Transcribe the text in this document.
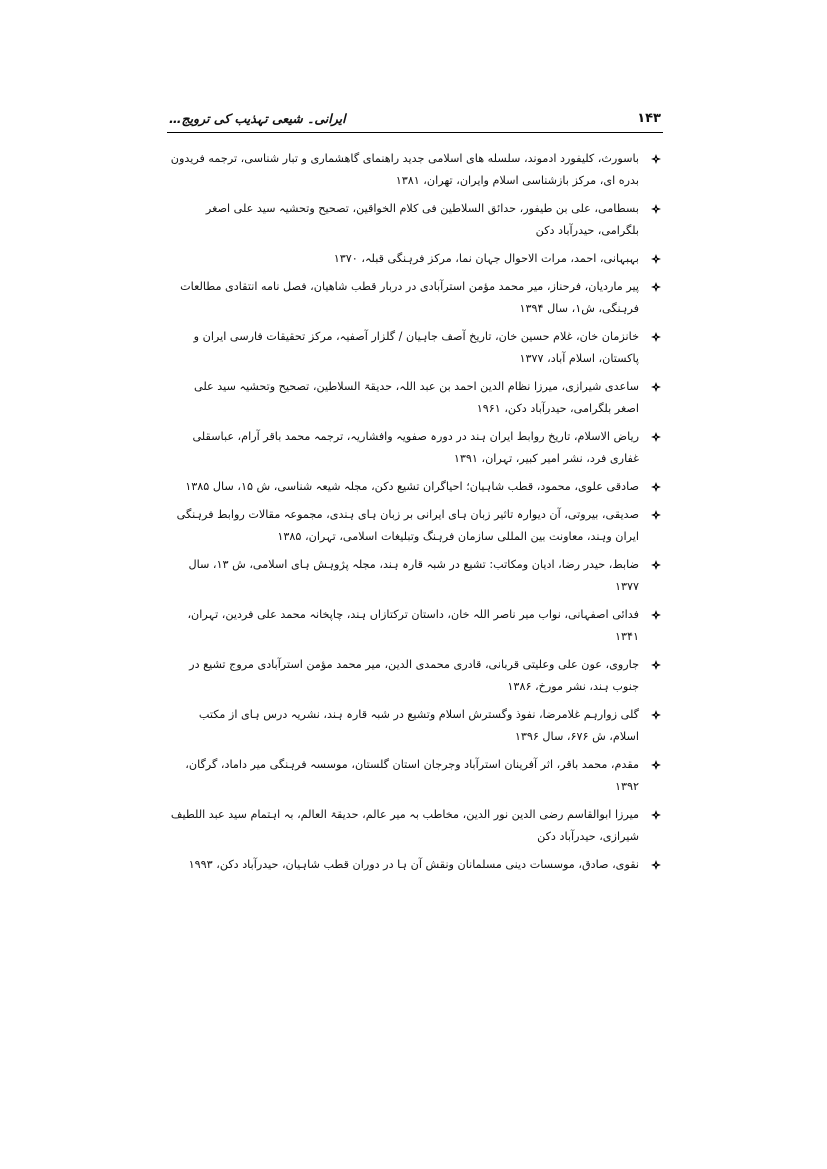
۱۴۳
ایرانی۔ شیعی تہذیب کی ترویج…
باسورث، کلیفورد ادموند، سلسله های اسلامی جدید راهنمای گاهشماری و تبار شناسی، ترجمه فریدون بدره ای، مرکز بازشناسی اسلام وایران، تهران، ۱۳۸۱
بسطامی، علی بن طیفور، حدائق السلاطین فی کلام الخواقین، تصحیح وتحشیہ سید علی اصغر بلگرامی، حیدرآباد دکن
بہبہانی، احمد، مرات الاحوال جہان نما، مرکز فرہنگی قبلہ، ۱۳۷۰
پیر ماردیان، فرحناز، میر محمد مؤمن استرآبادی در دربار قطب شاهیان، فصل نامه انتقادی مطالعات فرہنگی، ش۱، سال ۱۳۹۴
خانزمان خان، غلام حسین خان، تاریخ آصف جاہیان / گلزار آصفیہ، مرکز تحقیقات فارسی ایران و پاکستان، اسلام آباد، ۱۳۷۷
ساعدی شیرازی، میرزا نظام الدین احمد بن عبد اللہ، حدیقۃ السلاطین، تصحیح وتحشیہ سید علی اصغر بلگرامی، حیدرآباد دکن، ۱۹۶۱
ریاض الاسلام، تاریخ روابط ایران ہند در دورہ صفویہ وافشاریہ، ترجمہ محمد باقر آرام، عباسقلی غفاری فرد، نشر امیر کبیر، تہران، ۱۳۹۱
صادقی علوی، محمود، قطب شاہیان؛ احیاگران تشیع دکن، مجلہ شیعہ شناسی، ش ۱۵، سال ۱۳۸۵
صدیقی، بیروتی، آن دیوارہ تاثیر زبان ہای ایرانی بر زبان ہای ہندی، مجموعہ مقالات روابط فرہنگی ایران وہند، معاونت بین المللی سازمان فرہنگ وتبلیغات اسلامی، تہران، ۱۳۸۵
ضابط، حیدر رضا، ادیان ومکاتب: تشیع در شبہ قارہ ہند، مجلہ پژوہش ہای اسلامی، ش ۱۳، سال ۱۳۷۷
فدائی اصفہانی، نواب میر ناصر اللہ خان، داستان ترکتازاں ہند، چاپخانہ محمد علی فردین، تہران، ۱۳۴۱
جاروی، عون علی وعلیتی قربانی، قادری محمدی الدین، میر محمد مؤمن استرآبادی مروج تشیع در جنوب ہند، نشر مورخ، ۱۳۸۶
گلی زوارہم غلامرضا، نفوذ وگسترش اسلام وتشیع در شبہ قارہ ہند، نشریہ درس ہای از مکتب اسلام، ش ۶۷۶، سال ۱۳۹۶
مقدم، محمد باقر، اثر آفرینان استرآباد وجرجان استان گلستان، موسسہ فرہنگی میر داماد، گرگان، ۱۳۹۲
میرزا ابوالقاسم رضی الدین نور الدین، مخاطب بہ میر عالم، حدیقۃ العالم، بہ اہتمام سید عبد اللطیف شیرازی، حیدرآباد دکن
نقوی، صادق، موسسات دینی مسلمانان ونقش آن ہا در دوران قطب شاہیان، حیدرآباد دکن، ۱۹۹۳
